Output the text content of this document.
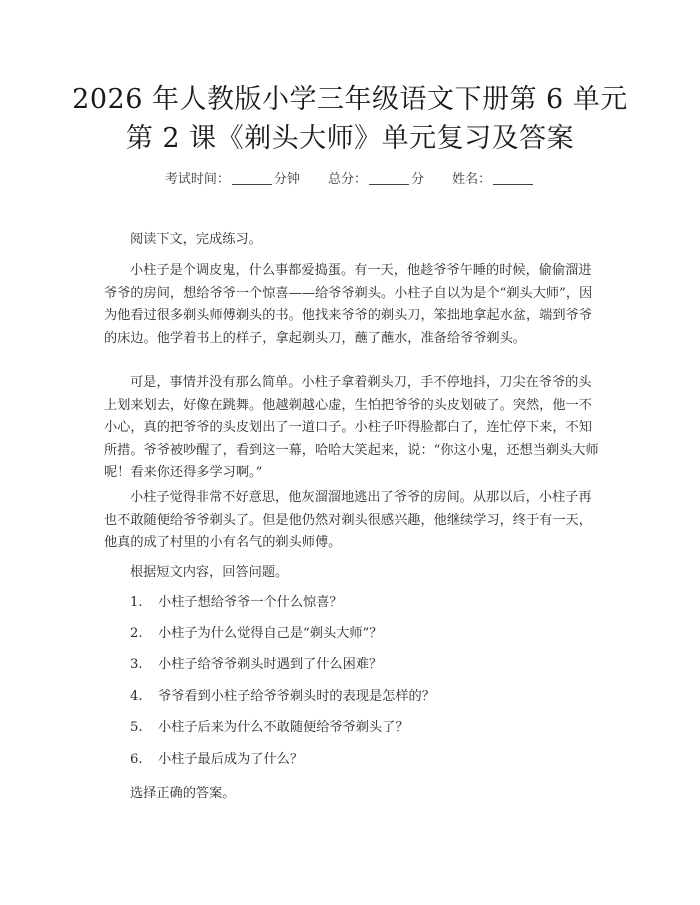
2026 年人教版小学三年级语文下册第 6 单元
第 2 课《剃头大师》单元复习及答案
考试时间：	分钟 总分：	分 姓名：

阅读下文，完成练习。

小柱子是个调皮鬼，什么事都爱捣蛋。有一天，他趁爷爷午睡的时候，偷偷溜进爷爷的房间，想给爷爷一个惊喜——给爷爷剃头。小柱子自以为是个“剃头大师”，因为他看过很多剃头师傅剃头的书。他找来爷爷的剃头刀，笨拙地拿起水盆，端到爷爷的床边。他学着书上的样子，拿起剃头刀，蘸了蘸水，准备给爷爷剃头。

可是，事情并没有那么简单。小柱子拿着剃头刀，手不停地抖，刀尖在爷爷的头上划来划去，好像在跳舞。他越剃越心虚，生怕把爷爷的头皮划破了。突然，他一不小心，真的把爷爷的头皮划出了一道口子。小柱子吓得脸都白了，连忙停下来，不知所措。爷爷被吵醒了，看到这一幕，哈哈大笑起来，说：“你这小鬼，还想当剃头大师呢！看来你还得多学习啊。”

小柱子觉得非常不好意思，他灰溜溜地逃出了爷爷的房间。从那以后，小柱子再也不敢随便给爷爷剃头了。但是他仍然对剃头很感兴趣，他继续学习，终于有一天，他真的成了村里的小有名气的剃头师傅。

根据短文内容，回答问题。

1. 小柱子想给爷爷一个什么惊喜？
2. 小柱子为什么觉得自己是“剃头大师”？
3. 小柱子给爷爷剃头时遇到了什么困难？
4. 爷爷看到小柱子给爷爷剃头时的表现是怎样的？
5. 小柱子后来为什么不敢随便给爷爷剃头了？
6. 小柱子最后成为了什么？

选择正确的答案。
